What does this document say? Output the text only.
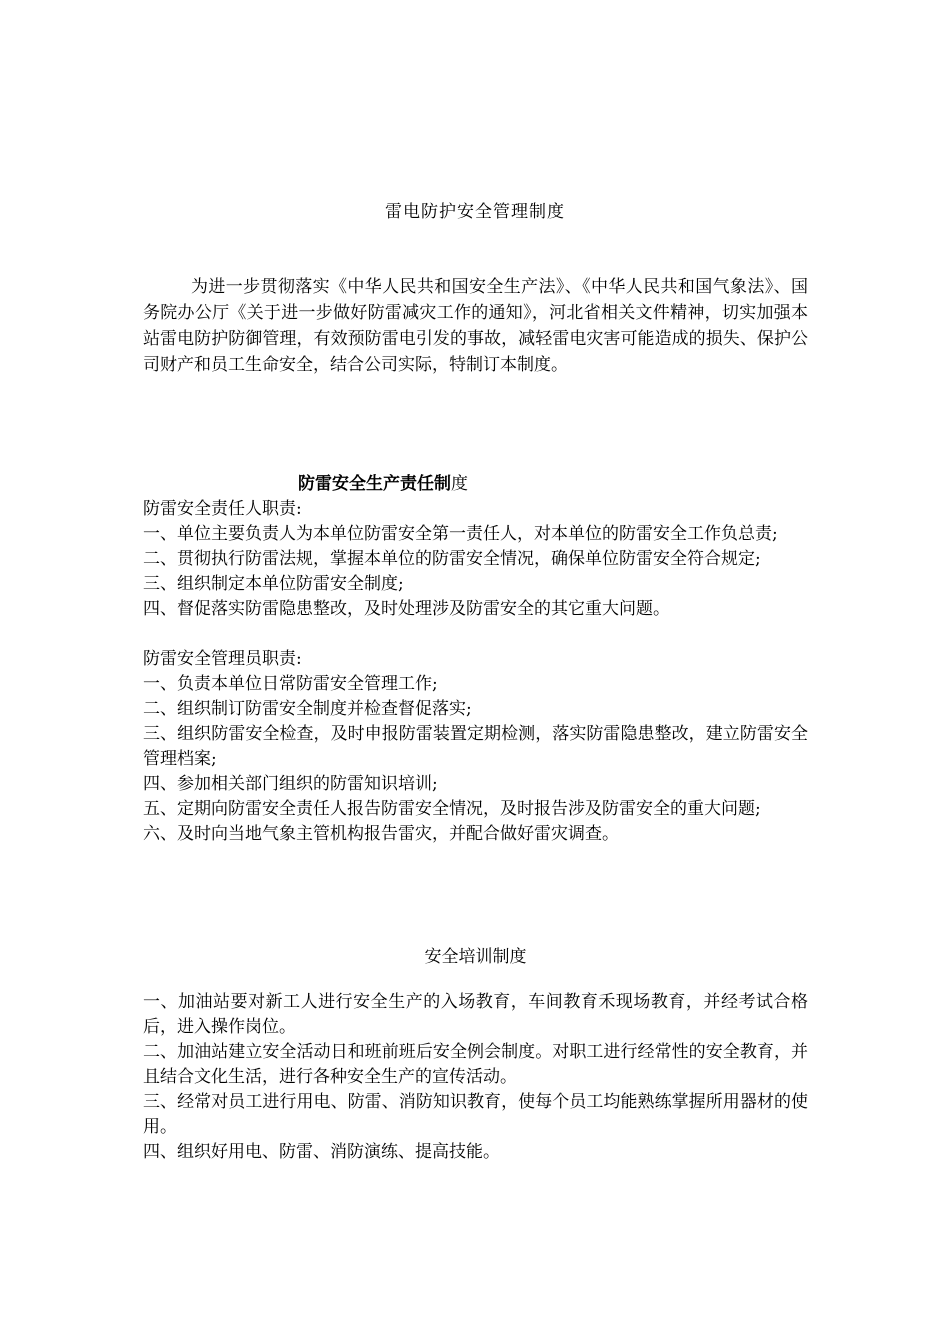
雷电防护安全管理制度

为进一步贯彻落实《中华人民共和国安全生产法》、《中华人民共和国气象法》、国务院办公厅《关于进一步做好防雷减灾工作的通知》，河北省相关文件精神，切实加强本站雷电防护防御管理，有效预防雷电引发的事故，减轻雷电灾害可能造成的损失、保护公司财产和员工生命安全，结合公司实际，特制订本制度。

防雷安全生产责任制度

防雷安全责任人职责:

一、单位主要负责人为本单位防雷安全第一责任人，对本单位的防雷安全工作负总责;

二、贯彻执行防雷法规，掌握本单位的防雷安全情况，确保单位防雷安全符合规定;

三、组织制定本单位防雷安全制度;

四、督促落实防雷隐患整改，及时处理涉及防雷安全的其它重大问题。

防雷安全管理员职责:

一、负责本单位日常防雷安全管理工作;

二、组织制订防雷安全制度并检查督促落实;

三、组织防雷安全检查，及时申报防雷装置定期检测，落实防雷隐患整改，建立防雷安全管理档案;

四、参加相关部门组织的防雷知识培训;

五、定期向防雷安全责任人报告防雷安全情况，及时报告涉及防雷安全的重大问题;

六、及时向当地气象主管机构报告雷灾，并配合做好雷灾调查。

安全培训制度

一、加油站要对新工人进行安全生产的入场教育，车间教育禾现场教育，并经考试合格后，进入操作岗位。

二、加油站建立安全活动日和班前班后安全例会制度。对职工进行经常性的安全教育，并且结合文化生活，进行各种安全生产的宣传活动。

三、经常对员工进行用电、防雷、消防知识教育，使每个员工均能熟练掌握所用器材的使用。

四、组织好用电、防雷、消防演练、提高技能。
